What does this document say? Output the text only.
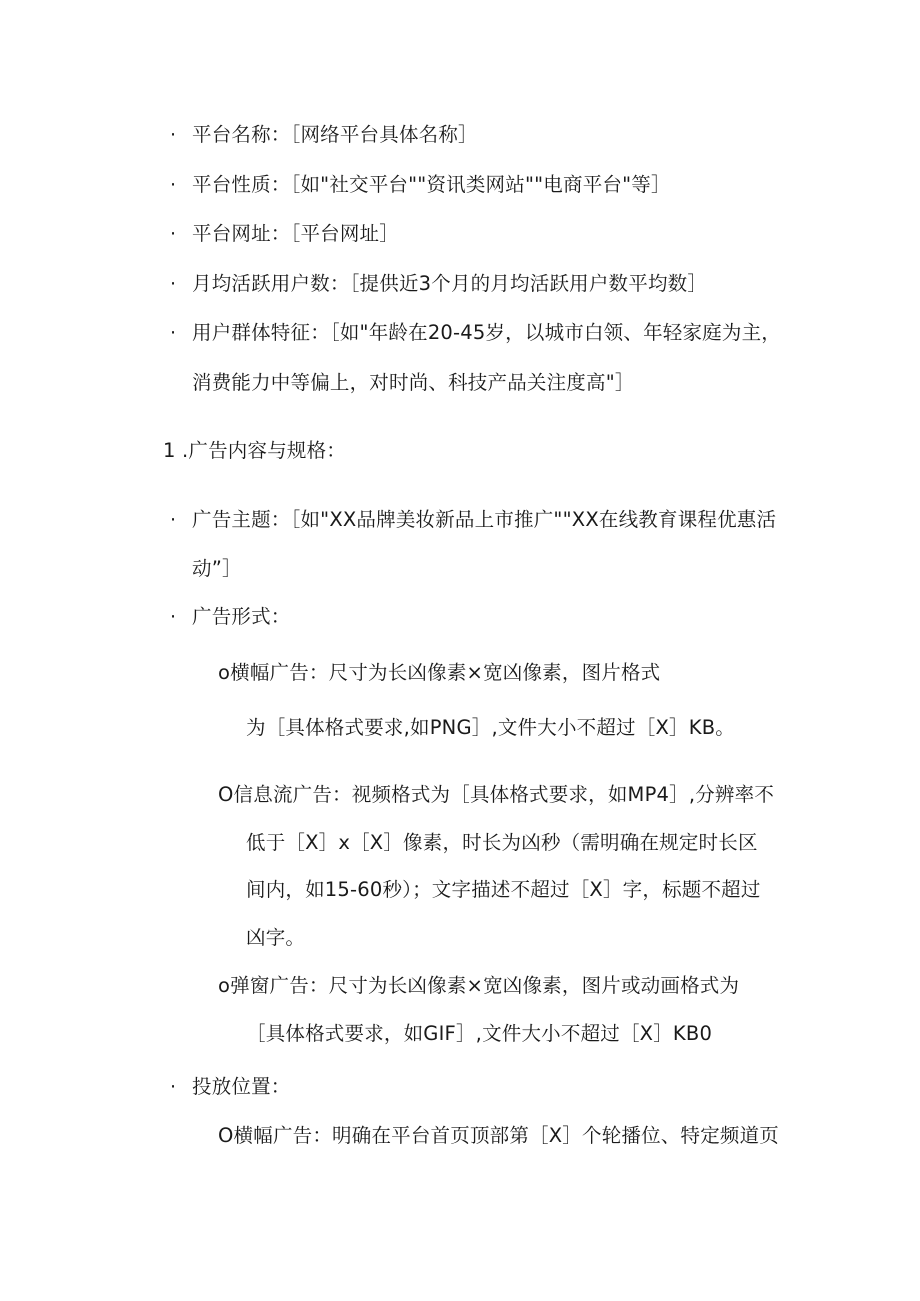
· 平台名称：［网络平台具体名称］
· 平台性质：［如"社交平台""资讯类网站""电商平台"等］
· 平台网址：［平台网址］
· 月均活跃用户数：［提供近3个月的月均活跃用户数平均数］
· 用户群体特征：［如"年龄在20-45岁，以城市白领、年轻家庭为主，
消费能力中等偏上，对时尚、科技产品关注度高"］
1 .广告内容与规格：
· 广告主题：［如"XX品牌美妆新品上市推广""XX在线教育课程优惠活
动”］
· 广告形式：
o横幅广告：尺寸为长凶像素×宽凶像素，图片格式
为［具体格式要求,如PNG］,文件大小不超过［X］KB。
O信息流广告：视频格式为［具体格式要求，如MP4］,分辨率不
低于［X］x［X］像素，时长为凶秒（需明确在规定时长区
间内，如15-60秒）；文字描述不超过［X］字，标题不超过
凶字。
o弹窗广告：尺寸为长凶像素×宽凶像素，图片或动画格式为
［具体格式要求，如GIF］,文件大小不超过［X］KB0
· 投放位置：
O横幅广告：明确在平台首页顶部第［X］个轮播位、特定频道页
